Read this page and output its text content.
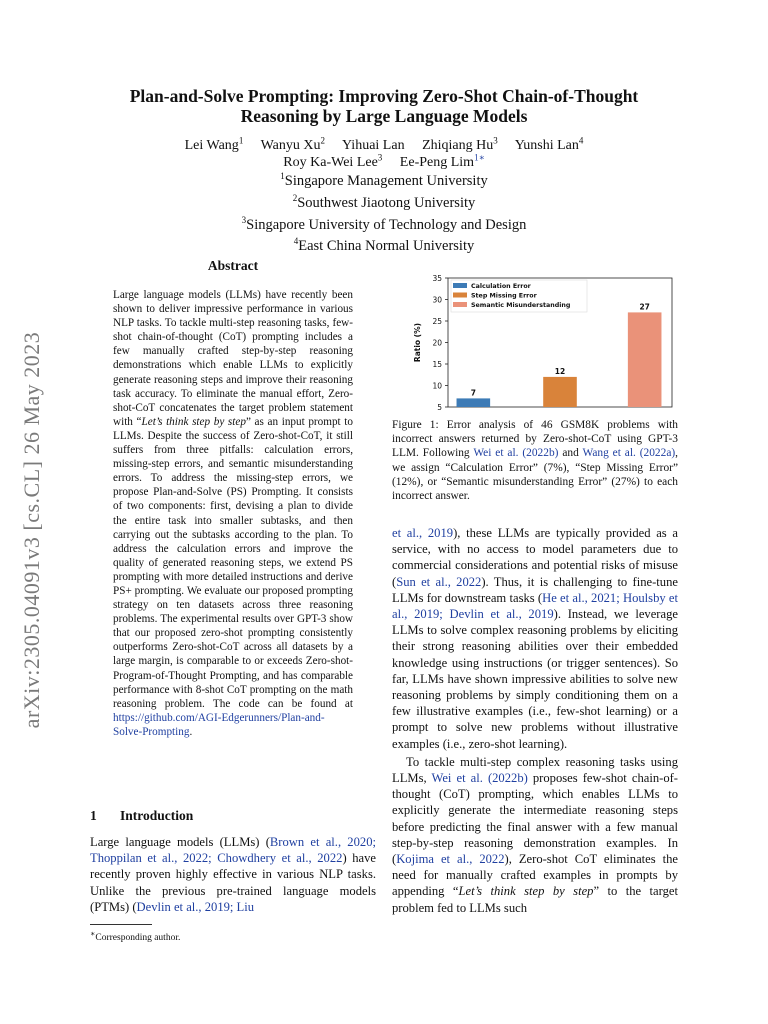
arXiv:2305.04091v3 [cs.CL] 26 May 2023
Plan-and-Solve Prompting: Improving Zero-Shot Chain-of-Thought
Reasoning by Large Language Models
Lei Wang$^1$ Wanyu Xu$^2$ Yihuai Lan Zhiqiang Hu$^3$ Yunshi Lan$^4$
Roy Ka-Wei Lee$^3$ Ee-Peng Lim$^{1∗}$
$^1$Singapore Management University
$^2$Southwest Jiaotong University
$^3$Singapore University of Technology and Design
$^4$East China Normal University
Abstract
Large language models (LLMs) have recently been shown to deliver impressive performance in various NLP tasks. To tackle multi-step reasoning tasks, few-shot chain-of-thought (CoT) prompting includes a few manually crafted step-by-step reasoning demonstrations which enable LLMs to explicitly generate reasoning steps and improve their reasoning task accuracy. To eliminate the manual effort, Zero-shot-CoT concatenates the target problem statement with “Let’s think step by step” as an input prompt to LLMs. Despite the success of Zero-shot-CoT, it still suffers from three pitfalls: calculation errors, missing-step errors, and semantic misunderstanding errors. To address the missing-step errors, we propose Plan-and-Solve (PS) Prompting. It consists of two components: first, devising a plan to divide the entire task into smaller subtasks, and then carrying out the subtasks according to the plan. To address the calculation errors and improve the quality of generated reasoning steps, we extend PS prompting with more detailed instructions and derive PS+ prompting. We evaluate our proposed prompting strategy on ten datasets across three reasoning problems. The experimental results over GPT-3 show that our proposed zero-shot prompting consistently outperforms Zero-shot-CoT across all datasets by a large margin, is comparable to or exceeds Zero-shot-Program-of-Thought Prompting, and has comparable performance with 8-shot CoT prompting on the math reasoning problem. The code can be found at https://github.com/AGI-Edgerunners/Plan-and-Solve-Prompting.
1 Introduction
Large language models (LLMs) (Brown et al., 2020; Thoppilan et al., 2022; Chowdhery et al., 2022) have recently proven highly effective in various NLP tasks. Unlike the previous pre-trained language models (PTMs) (Devlin et al., 2019; Liu
∗Corresponding author.
5
10
15
20
25
30
35
Ratio (%)
7
12
27
Calculation Error
Step Missing Error
Semantic Misunderstanding
Figure 1: Error analysis of 46 GSM8K problems with incorrect answers returned by Zero-shot-CoT using GPT-3 LLM. Following Wei et al. (2022b) and Wang et al. (2022a), we assign “Calculation Error” (7%), “Step Missing Error” (12%), or “Semantic misunderstanding Error” (27%) to each incorrect answer.

et al., 2019), these LLMs are typically provided as a service, with no access to model parameters due to commercial considerations and potential risks of misuse (Sun et al., 2022). Thus, it is challenging to fine-tune LLMs for downstream tasks (He et al., 2021; Houlsby et al., 2019; Devlin et al., 2019). Instead, we leverage LLMs to solve complex reasoning problems by eliciting their strong reasoning abilities over their embedded knowledge using instructions (or trigger sentences). So far, LLMs have shown impressive abilities to solve new reasoning problems by simply conditioning them on a few illustrative examples (i.e., few-shot learning) or a prompt to solve new problems without illustrative examples (i.e., zero-shot learning).

To tackle multi-step complex reasoning tasks using LLMs, Wei et al. (2022b) proposes few-shot chain-of-thought (CoT) prompting, which enables LLMs to explicitly generate the intermediate reasoning steps before predicting the final answer with a few manual step-by-step reasoning demonstration examples. In (Kojima et al., 2022), Zero-shot CoT eliminates the need for manually crafted examples in prompts by appending “Let’s think step by step” to the target problem fed to LLMs such
